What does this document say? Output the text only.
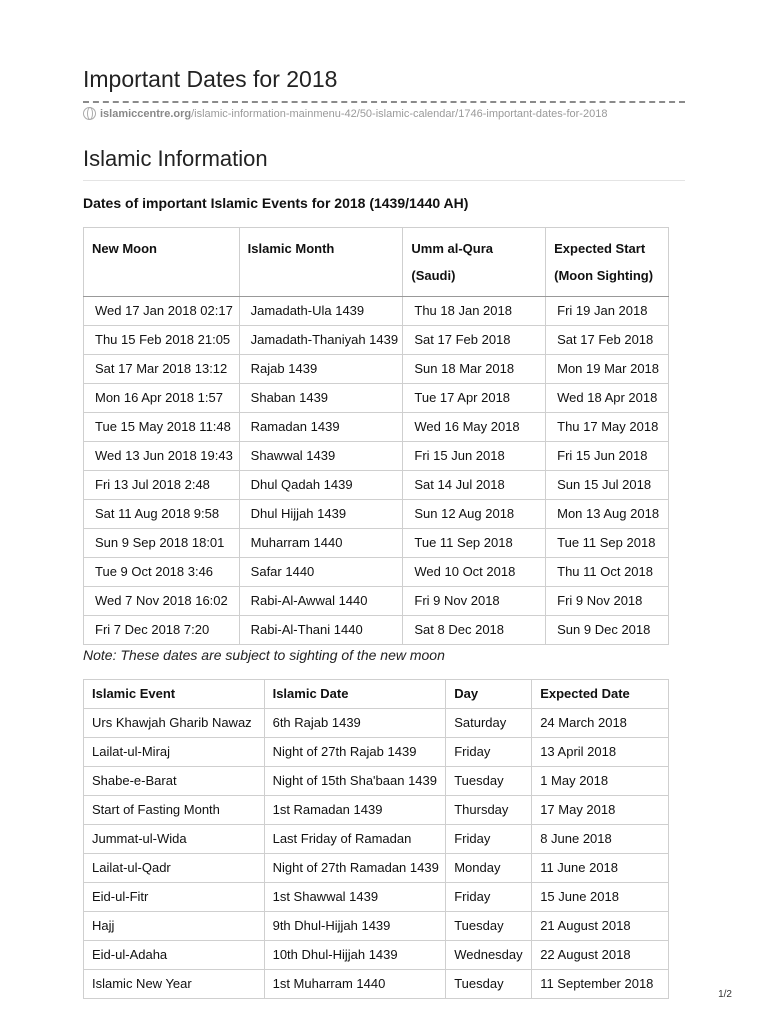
Important Dates for 2018
islamiccentre.org /islamic-information-mainmenu-42/50-islamic-calendar/1746-important-dates-for-2018
Islamic Information
Dates of important Islamic Events for 2018 (1439/1440 AH)
New Moon	Islamic Month	Umm al-Qura (Saudi)	Expected Start
(Moon Sighting)
Wed 17 Jan 2018 02:17	Jamadath-Ula 1439	Thu 18 Jan 2018	Fri 19 Jan 2018
Thu 15 Feb 2018 21:05	Jamadath-Thaniyah 1439	Sat 17 Feb 2018	Sat 17 Feb 2018
Sat 17 Mar 2018 13:12	Rajab 1439	Sun 18 Mar 2018	Mon 19 Mar 2018
Mon 16 Apr 2018 1:57	Shaban 1439	Tue 17 Apr 2018	Wed 18 Apr 2018
Tue 15 May 2018 11:48	Ramadan 1439	Wed 16 May 2018	Thu 17 May 2018
Wed 13 Jun 2018 19:43	Shawwal 1439	Fri 15 Jun 2018	Fri 15 Jun 2018
Fri 13 Jul 2018 2:48	Dhul Qadah 1439	Sat 14 Jul 2018	Sun 15 Jul 2018
Sat 11 Aug 2018 9:58	Dhul Hijjah 1439	Sun 12 Aug 2018	Mon 13 Aug 2018
Sun 9 Sep 2018 18:01	Muharram 1440	Tue 11 Sep 2018	Tue 11 Sep 2018
Tue 9 Oct 2018 3:46	Safar 1440	Wed 10 Oct 2018	Thu 11 Oct 2018
Wed 7 Nov 2018 16:02	Rabi-Al-Awwal 1440	Fri 9 Nov 2018	Fri 9 Nov 2018
Fri 7 Dec 2018 7:20	Rabi-Al-Thani 1440	Sat 8 Dec 2018	Sun 9 Dec 2018

Note: These dates are subject to sighting of the new moon

Islamic Event	Islamic Date	Day	Expected Date
Urs Khawjah Gharib Nawaz	6th Rajab 1439	Saturday	24 March 2018
Lailat-ul-Miraj	Night of 27th Rajab 1439	Friday	13 April 2018
Shabe-e-Barat	Night of 15th Sha'baan 1439	Tuesday	1 May 2018
Start of Fasting Month	1st Ramadan 1439	Thursday	17 May 2018
Jummat-ul-Wida	Last Friday of Ramadan	Friday	8 June 2018
Lailat-ul-Qadr	Night of 27th Ramadan 1439	Monday	11 June 2018
Eid-ul-Fitr	1st Shawwal 1439	Friday	15 June 2018
Hajj	9th Dhul-Hijjah 1439	Tuesday	21 August 2018
Eid-ul-Adaha	10th Dhul-Hijjah 1439	Wednesday	22 August 2018
Islamic New Year	1st Muharram 1440	Tuesday	11 September 2018
1/2
